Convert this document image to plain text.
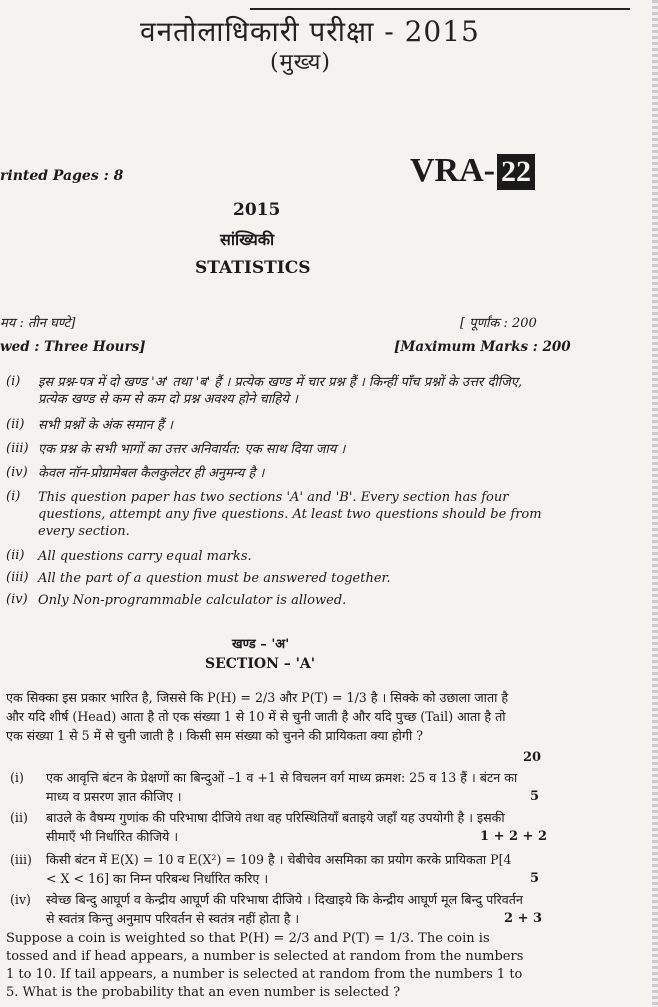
वनतोलाधिकारी परीक्षा - 2015
(मुख्य)
rinted Pages : 8	VRA- 22
2015
सांख्यिकी
STATISTICS
मय : तीन घण्टे]	[ पूर्णांक : 200
wed : Three Hours]	[Maximum Marks : 200
(i) इस प्रश्न-पत्र में दो खण्ड 'अ' तथा 'ब' हैं । प्रत्येक खण्ड में चार प्रश्न हैं । किन्हीं पाँच प्रश्नों के उत्तर दीजिए, प्रत्येक खण्ड से कम से कम दो प्रश्न अवश्य होने चाहिये ।
(ii) सभी प्रश्नों के अंक समान हैं ।
(iii) एक प्रश्न के सभी भागों का उत्तर अनिवार्यत: एक साथ दिया जाय ।
(iv) केवल नॉन-प्रोग्रामेबल कैलकुलेटर ही अनुमन्य है ।
(i) This question paper has two sections 'A' and 'B'. Every section has four questions, attempt any five questions. At least two questions should be from every section.
(ii) All questions carry equal marks.
(iii) All the part of a question must be answered together.
(iv) Only Non-programmable calculator is allowed.
खण्ड – 'अ'
SECTION – 'A'
एक सिक्का इस प्रकार भारित है, जिससे कि P(H) = 2/3 और P(T) = 1/3 है । सिक्के को उछाला जाता है और यदि शीर्ष (Head) आता है तो एक संख्या 1 से 10 में से चुनी जाती है और यदि पुच्छ (Tail) आता है तो एक संख्या 1 से 5 में से चुनी जाती है । किसी सम संख्या को चुनने की प्रायिकता क्या होगी ?
20
(i) एक आवृत्ति बंटन के प्रेक्षणों का बिन्दुओं –1 व +1 से विचलन वर्ग माध्य क्रमश: 25 व 13 हैं । बंटन का माध्य व प्रसरण ज्ञात कीजिए ।	5
(ii) बाउले के वैषम्य गुणांक की परिभाषा दीजिये तथा वह परिस्थितियाँ बताइये जहाँ यह उपयोगी है । इसकी सीमाएँ भी निर्धारित कीजिये ।	1 + 2 + 2
(iii) किसी बंटन में E(X) = 10 व E(X²) = 109 है । चेबीचेव असमिका का प्रयोग करके प्रायिकता P[4 < X < 16] का निम्न परिबन्ध निर्धारित करिए ।	5
(iv) स्वेच्छ बिन्दु आघूर्ण व केन्द्रीय आघूर्ण की परिभाषा दीजिये । दिखाइये कि केन्द्रीय आघूर्ण मूल बिन्दु परिवर्तन से स्वतंत्र किन्तु अनुमाप परिवर्तन से स्वतंत्र नहीं होता है ।	2 + 3
Suppose a coin is weighted so that P(H) = 2/3 and P(T) = 1/3. The coin is tossed and if head appears, a number is selected at random from the numbers 1 to 10. If tail appears, a number is selected at random from the numbers 1 to 5. What is the probability that an even number is selected ?
